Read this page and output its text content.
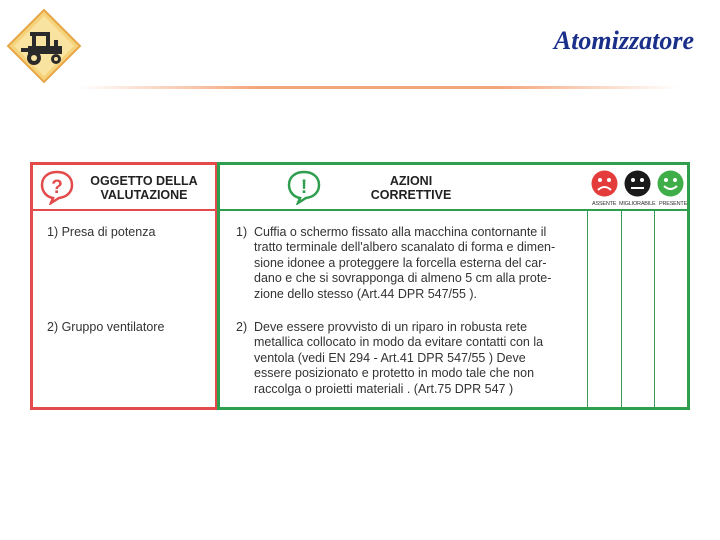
Atomizzatore
?	OGGETTO DELLA
VALUTAZIONE
1) Presa di potenza
2) Gruppo ventilatore
!	AZIONI
CORRETTIVE
ASSENTE MIGLIORABILE PRESENTE
1) Cuffia o schermo fissato alla macchina contornante il
tratto terminale dell'albero scanalato di forma e dimen-
sione idonee a proteggere la forcella esterna del car-
dano e che si sovrapponga di almeno 5 cm alla prote-
zione dello stesso (Art.44 DPR 547/55 ).
2) Deve essere provvisto di un riparo in robusta rete
metallica collocato in modo da evitare contatti con la
ventola (vedi EN 294 - Art.41 DPR 547/55 ) Deve
essere posizionato e protetto in modo tale che non
raccolga o proietti materiali . (Art.75 DPR 547 )
